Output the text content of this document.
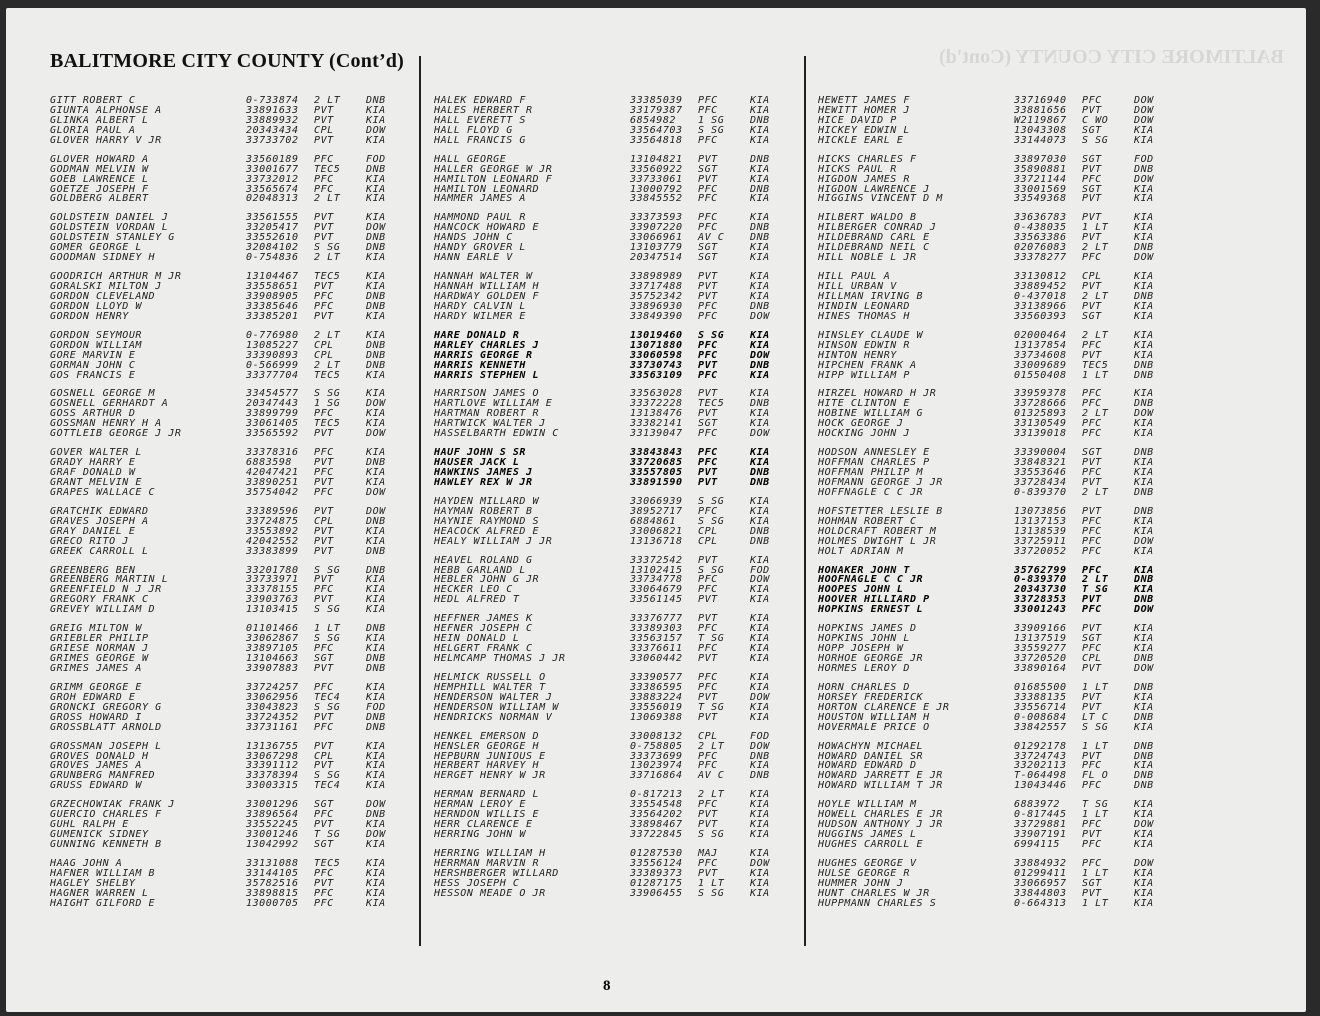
BALTIMORE CITY COUNTY (Cont'd)
BALITMORE CITY COUNTY (Cont’d)
GITT ROBERT C	0-733874	2 LT	DNB
GIUNTA ALPHONSE A	33891633	PVT	KIA
GLINKA ALBERT L	33889932	PVT	KIA
GLORIA PAUL A	20343434	CPL	DOW
GLOVER HARRY V JR	33733702	PVT	KIA
GLOVER HOWARD A	33560189	PFC	FOD
GODMAN MELVIN W	33001677	TEC5	DNB
GOEB LAWRENCE L	33732012	PFC	KIA
GOETZE JOSEPH F	33565674	PFC	KIA
GOLDBERG ALBERT	02048313	2 LT	KIA
GOLDSTEIN DANIEL J	33561555	PVT	KIA
GOLDSTEIN VORDAN L	33205417	PVT	DOW
GOLDSTEIN STANLEY G	33552610	PVT	DNB
GOMER GEORGE L	32084102	S SG	DNB
GOODMAN SIDNEY H	0-754836	2 LT	KIA
GOODRICH ARTHUR M JR	13104467	TEC5	KIA
GORALSKI MILTON J	33558651	PVT	KIA
GORDON CLEVELAND	33908905	PFC	DNB
GORDON LLOYD W	33385646	PFC	DNB
GORDON HENRY	33385201	PVT	KIA
GORDON SEYMOUR	0-776980	2 LT	KIA
GORDON WILLIAM	13085227	CPL	DNB
GORE MARVIN E	33390893	CPL	DNB
GORMAN JOHN C	0-566999	2 LT	DNB
GOS FRANCIS E	33377704	TEC5	KIA
GOSNELL GEORGE M	33454577	S SG	KIA
GOSNELL GERHARDT A	20347443	1 SG	DOW
GOSS ARTHUR D	33899799	PFC	KIA
GOSSMAN HENRY H A	33061405	TEC5	KIA
GOTTLEIB GEORGE J JR	33565592	PVT	DOW
GOVER WALTER L	33378316	PFC	KIA
GRADY HARRY E	6883598	PVT	DNB
GRAF DONALD W	42047421	PFC	KIA
GRANT MELVIN E	33890251	PVT	KIA
GRAPES WALLACE C	35754042	PFC	DOW
GRATCHIK EDWARD	33389596	PVT	DOW
GRAVES JOSEPH A	33724875	CPL	DNB
GRAY DANIEL E	33553892	PVT	KIA
GRECO RITO J	42042552	PVT	KIA
GREEK CARROLL L	33383899	PVT	DNB
GREENBERG BEN	33201780	S SG	DNB
GREENBERG MARTIN L	33733971	PVT	KIA
GREENFIELD N J JR	33378155	PFC	KIA
GREGORY FRANK C	33903763	PVT	KIA
GREVEY WILLIAM D	13103415	S SG	KIA
GREIG MILTON W	01101466	1 LT	DNB
GRIEBLER PHILIP	33062867	S SG	KIA
GRIESE NORMAN J	33897105	PFC	KIA
GRIMES GEORGE W	13104663	SGT	DNB
GRIMES JAMES A	33907883	PVT	DNB
GRIMM GEORGE E	33724257	PFC	KIA
GROH EDWARD E	33062956	TEC4	KIA
GRONCKI GREGORY G	33043823	S SG	FOD
GROSS HOWARD I	33724352	PVT	DNB
GROSSBLATT ARNOLD	33731161	PFC	DNB
GROSSMAN JOSEPH L	13136755	PVT	KIA
GROVES DONALD H	33067298	CPL	KIA
GROVES JAMES A	33391112	PVT	KIA
GRUNBERG MANFRED	33378394	S SG	KIA
GRUSS EDWARD W	33003315	TEC4	KIA
GRZECHOWIAK FRANK J	33001296	SGT	DOW
GUERCIO CHARLES F	33896564	PFC	DNB
GUHL RALPH E	33552245	PVT	KIA
GUMENICK SIDNEY	33001246	T SG	DOW
GUNNING KENNETH B	13042992	SGT	KIA
HAAG JOHN A	33131088	TEC5	KIA
HAFNER WILLIAM B	33144105	PFC	KIA
HAGLEY SHELBY	35782516	PVT	KIA
HAGNER WARREN L	33898815	PFC	KIA
HAIGHT GILFORD E	13000705	PFC	KIA
HALEK EDWARD F	33385039	PFC	KIA
HALES HERBERT R	33179387	PFC	KIA
HALL EVERETT S	6854982	1 SG	DNB
HALL FLOYD G	33564703	S SG	KIA
HALL FRANCIS G	33564818	PFC	KIA
HALL GEORGE	13104821	PVT	DNB
HALLER GEORGE W JR	33560922	SGT	KIA
HAMILTON LEONARD F	33733061	PVT	KIA
HAMILTON LEONARD	13000792	PFC	DNB
HAMMER JAMES A	33845552	PFC	KIA
HAMMOND PAUL R	33373593	PFC	KIA
HANCOCK HOWARD E	33907220	PFC	DNB
HANDS JOHN C	33066961	AV C	DNB
HANDY GROVER L	13103779	SGT	KIA
HANN EARLE V	20347514	SGT	KIA
HANNAH WALTER W	33898989	PVT	KIA
HANNAH WILLIAM H	33717488	PVT	KIA
HARDWAY GOLDEN F	35752342	PVT	KIA
HARDY CALVIN L	33896930	PFC	DNB
HARDY WILMER E	33849390	PFC	DOW
HARE DONALD R	13019460	S SG	KIA
HARLEY CHARLES J	13071880	PFC	KIA
HARRIS GEORGE R	33060598	PFC	DOW
HARRIS KENNETH	33730743	PVT	DNB
HARRIS STEPHEN L	33563109	PFC	KIA
HARRISON JAMES O	33563028	PVT	KIA
HARTLOVE WILLIAM E	33372228	TEC5	DNB
HARTMAN ROBERT R	13138476	PVT	KIA
HARTWICK WALTER J	33382141	SGT	KIA
HASSELBARTH EDWIN C	33139047	PFC	DOW
HAUF JOHN S SR	33843843	PFC	KIA
HAUSER JACK L	33720685	PFC	KIA
HAWKINS JAMES J	33557805	PVT	DNB
HAWLEY REX W JR	33891590	PVT	DNB
HAYDEN MILLARD W	33066939	S SG	KIA
HAYMAN ROBERT B	38952717	PFC	KIA
HAYNIE RAYMOND S	6884861	S SG	KIA
HEACOCK ALFRED E	33006821	CPL	DNB
HEALY WILLIAM J JR	13136718	CPL	DNB
HEAVEL ROLAND G	33372542	PVT	KIA
HEBB GARLAND L	13102415	S SG	FOD
HEBLER JOHN G JR	33734778	PFC	DOW
HECKER LEO C	33064679	PFC	KIA
HEDL ALFRED T	33561145	PVT	KIA
HEFFNER JAMES K	33376777	PVT	KIA
HEFNER JOSEPH C	33389303	PFC	KIA
HEIN DONALD L	33563157	T SG	KIA
HELGERT FRANK C	33376611	PFC	KIA
HELMCAMP THOMAS J JR	33060442	PVT	KIA
HELMICK RUSSELL O	33390577	PFC	KIA
HEMPHILL WALTER T	33386595	PFC	KIA
HENDERSON WALTER J	33883224	PVT	DOW
HENDERSON WILLIAM W	33556019	T SG	KIA
HENDRICKS NORMAN V	13069388	PVT	KIA
HENKEL EMERSON D	33008132	CPL	FOD
HENSLER GEORGE H	0-758805	2 LT	DOW
HEPBURN JUNIOUS E	33373699	PFC	DNB
HERBERT HARVEY H	13023974	PFC	KIA
HERGET HENRY W JR	33716864	AV C	DNB
HERMAN BERNARD L	0-817213	2 LT	KIA
HERMAN LEROY E	33554548	PFC	KIA
HERNDON WILLIS E	33564202	PVT	KIA
HERR CLARENCE E	33898467	PVT	KIA
HERRING JOHN W	33722845	S SG	KIA
HERRING WILLIAM H	01287530	MAJ	KIA
HERRMAN MARVIN R	33556124	PFC	DOW
HERSHBERGER WILLARD	33389373	PVT	KIA
HESS JOSEPH C	01287175	1 LT	KIA
HESSON MEADE O JR	33906455	S SG	KIA
HEWETT JAMES F	33716940	PFC	DOW
HEWITT HOMER J	33881656	PVT	DOW
HICE DAVID P	W2119867	C WO	DOW
HICKEY EDWIN L	13043308	SGT	KIA
HICKLE EARL E	33144073	S SG	KIA
HICKS CHARLES F	33897030	SGT	FOD
HICKS PAUL R	35890881	PVT	DNB
HIGDON JAMES R	33721144	PFC	DOW
HIGDON LAWRENCE J	33001569	SGT	KIA
HIGGINS VINCENT D M	33549368	PVT	KIA
HILBERT WALDO B	33636783	PVT	KIA
HILBERGER CONRAD J	0-438035	1 LT	KIA
HILDEBRAND CARL E	33563386	PVT	KIA
HILDEBRAND NEIL C	02076083	2 LT	DNB
HILL NOBLE L JR	33378277	PFC	DOW
HILL PAUL A	33130812	CPL	KIA
HILL URBAN V	33889452	PVT	KIA
HILLMAN IRVING B	0-437018	2 LT	DNB
HINDIN LEONARD	33138966	PVT	KIA
HINES THOMAS H	33560393	SGT	KIA
HINSLEY CLAUDE W	02000464	2 LT	KIA
HINSON EDWIN R	13137854	PFC	KIA
HINTON HENRY	33734608	PVT	KIA
HIPCHEN FRANK A	33009689	TEC5	DNB
HIPP WILLIAM P	01550408	1 LT	DNB
HIRZEL HOWARD H JR	33959378	PFC	KIA
HITE CLINTON E	33728666	PFC	DNB
HOBINE WILLIAM G	01325893	2 LT	DOW
HOCK GEORGE J	33130549	PFC	KIA
HOCKING JOHN J	33139018	PFC	KIA
HODSON ANNESLEY E	33390004	SGT	DNB
HOFFMAN CHARLES P	33848321	PVT	KIA
HOFFMAN PHILIP M	33553646	PFC	KIA
HOFMANN GEORGE J JR	33728434	PVT	KIA
HOFFNAGLE C C JR	0-839370	2 LT	DNB
HOFSTETTER LESLIE B	13073856	PVT	DNB
HOHMAN ROBERT C	13137153	PFC	KIA
HOLDCRAFT ROBERT M	13138539	PFC	KIA
HOLMES DWIGHT L JR	33725911	PFC	DOW
HOLT ADRIAN M	33720052	PFC	KIA
HONAKER JOHN T	35762799	PFC	KIA
HOOFNAGLE C C JR	0-839370	2 LT	DNB
HOOPES JOHN L	20343730	T SG	KIA
HOOVER HILLIARD P	33728353	PVT	DNB
HOPKINS ERNEST L	33001243	PFC	DOW
HOPKINS JAMES D	33909166	PVT	KIA
HOPKINS JOHN L	13137519	SGT	KIA
HOPP JOSEPH W	33559277	PFC	KIA
HORHOE GEORGE JR	33720520	CPL	DNB
HORMES LEROY D	33890164	PVT	DOW
HORN CHARLES D	01685500	1 LT	DNB
HORSEY FREDERICK	33388135	PVT	KIA
HORTON CLARENCE E JR	33556714	PVT	KIA
HOUSTON WILLIAM H	0-008684	LT C	DNB
HOVERMALE PRICE O	33842557	S SG	KIA
HOWACHYN MICHAEL	01292178	1 LT	DNB
HOWARD DANIEL SR	33724743	PVT	DNB
HOWARD EDWARD D	33202113	PFC	KIA
HOWARD JARRETT E JR	T-064498	FL O	DNB
HOWARD WILLIAM T JR	13043446	PFC	DNB
HOYLE WILLIAM M	6883972	T SG	KIA
HOWELL CHARLES E JR	0-817445	1 LT	KIA
HUDSON ANTHONY J JR	33729881	PFC	DOW
HUGGINS JAMES L	33907191	PVT	KIA
HUGHES CARROLL E	6994115	PFC	KIA
HUGHES GEORGE V	33884932	PFC	DOW
HULSE GEORGE R	01299411	1 LT	KIA
HUMMER JOHN J	33066957	SGT	KIA
HUNT CHARLES W JR	33844803	PVT	KIA
HUPPMANN CHARLES S	0-664313	1 LT	KIA

8
